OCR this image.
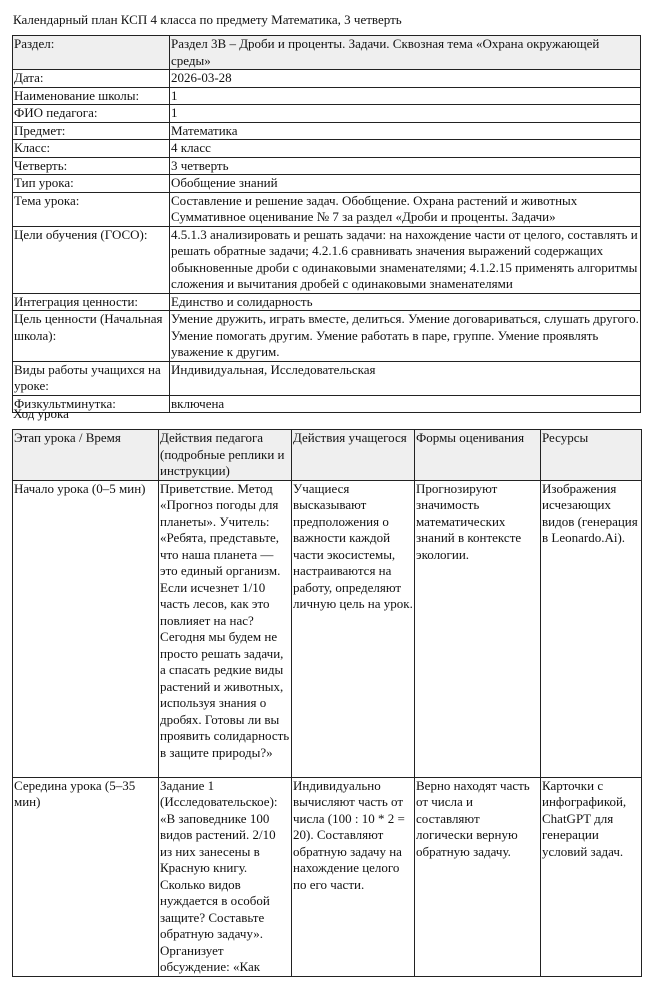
Календарный план КСП 4 класса по предмету Математика, 3 четверть
Раздел:	Раздел 3В – Дроби и проценты. Задачи. Сквозная тема «Охрана окружающей среды»
Дата:	2026-03-28
Наименование школы:	1
ФИО педагога:	1
Предмет:	Математика
Класс:	4 класс
Четверть:	3 четверть
Тип урока:	Обобщение знаний
Тема урока:	Составление и решение задач. Обобщение. Охрана растений и животных Суммативное оценивание № 7 за раздел «Дроби и проценты. Задачи»
Цели обучения (ГОСО):	4.5.1.3 анализировать и решать задачи: на нахождение части от целого, составлять и решать обратные задачи; 4.2.1.6 сравнивать значения выражений содержащих обыкновенные дроби с одинаковыми знаменателями; 4.1.2.15 применять алгоритмы сложения и вычитания дробей с одинаковыми знаменателями
Интеграция ценности:	Единство и солидарность
Цель ценности (Начальная школа):	Умение дружить, играть вместе, делиться. Умение договариваться, слушать другого. Умение помогать другим. Умение работать в паре, группе. Умение проявлять уважение к другим.
Виды работы учащихся на уроке:	Индивидуальная, Исследовательская
Физкультминутка:	включена
Ход урока
Этап урока / Время	Действия педагога (подробные реплики и инструкции)	Действия учащегося	Формы оценивания	Ресурсы
Начало урока (0–5 мин)	Приветствие. Метод «Прогноз погоды для планеты». Учитель: «Ребята, представьте, что наша планета — это единый организм. Если исчезнет 1/10 часть лесов, как это повлияет на нас? Сегодня мы будем не просто решать задачи, а спасать редкие виды растений и животных, используя знания о дробях. Готовы ли вы проявить солидарность в защите природы?»	Учащиеся высказывают предположения о важности каждой части экосистемы, настраиваются на работу, определяют личную цель на урок.	Прогнозируют значимость математических знаний в контексте экологии.	Изображения исчезающих видов (генерация в Leonardo.Ai).
Середина урока (5–35 мин)	Задание 1 (Исследовательское): «В заповеднике 100 видов растений. 2/10 из них занесены в Красную книгу. Сколько видов нуждается в особой защите? Составьте обратную задачу». Организует обсуждение: «Как	Индивидуально вычисляют часть от числа (100 : 10 * 2 = 20). Составляют обратную задачу на нахождение целого по его части.	Верно находят часть от числа и составляют логически верную обратную задачу.	Карточки с инфографикой, ChatGPT для генерации условий задач.
